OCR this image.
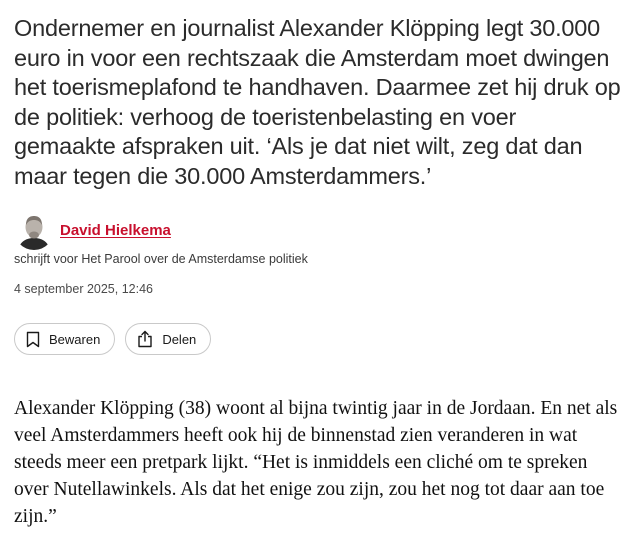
Ondernemer en journalist Alexander Klöpping legt 30.000 euro in voor een rechtszaak die Amsterdam moet dwingen het toerismeplafond te handhaven. Daarmee zet hij druk op de politiek: verhoog de toeristenbelasting en voer gemaakte afspraken uit. ‘Als je dat niet wilt, zeg dat dan maar tegen die 30.000 Amsterdammers.’

David Hielkema
schrijft voor Het Parool over de Amsterdamse politiek
4 september 2025, 12:46
Bewaren	Delen

Alexander Klöpping (38) woont al bijna twintig jaar in de Jordaan. En net als veel Amsterdammers heeft ook hij de binnenstad zien veranderen in wat steeds meer een pretpark lijkt. “Het is inmiddels een cliché om te spreken over Nutellawinkels. Als dat het enige zou zijn, zou het nog tot daar aan toe zijn.”
